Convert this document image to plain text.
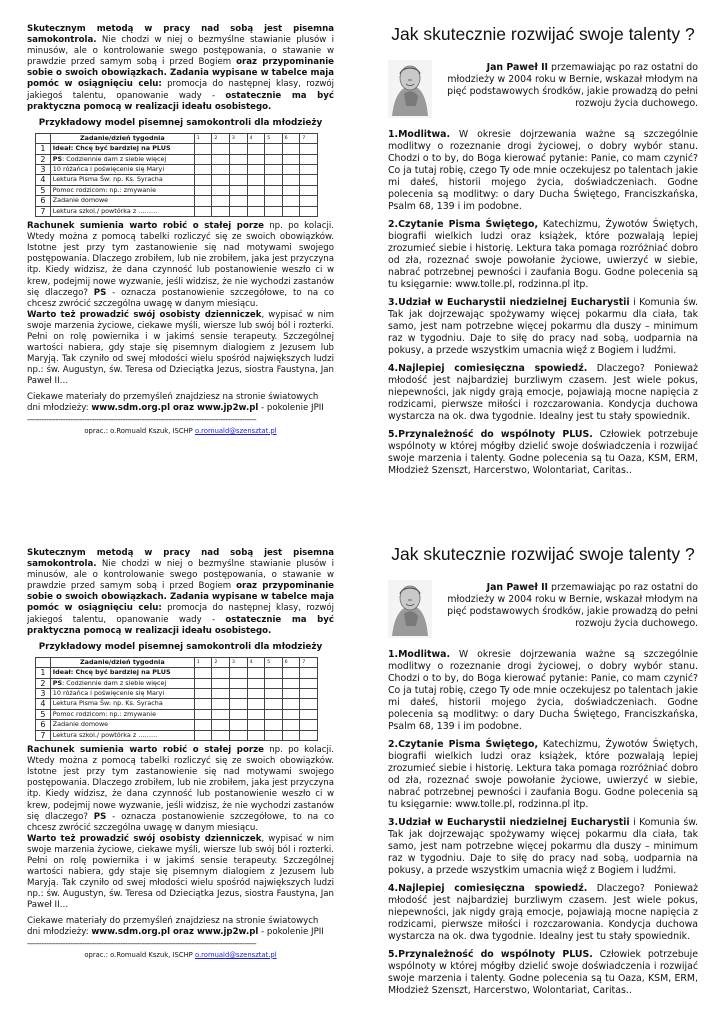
Skutecznym metodą w pracy nad sobą jest pisemna samokontrola. Nie chodzi w niej o bezmyślne stawianie plusów i minusów, ale o kontrolowanie swego postępowania, o stawanie w prawdzie przed samym sobą i przed Bogiem oraz przypominanie sobie o swoich obowiązkach. Zadania wypisane w tabelce maja pomóc w osiągnięciu celu: promocja do następnej klasy, rozwój jakiegoś talentu, opanowanie wady - ostatecznie ma być praktyczna pomocą w realizacji ideału osobistego.

Przykładowy model pisemnej samokontroli dla młodzieży
	Zadanie/dzień tygodnia	1	2	3	4	5	6	7
1	Ideał: Chcę być bardziej na PLUS							
2	PS: Codziennie dam z siebie więcej							
3	10 różańca i poświęcenie się Maryi							
4	Lektura Pisma Św: np. Ks. Syracha							
5	Pomoc rodzicom: np.: zmywanie							
6	Zadanie domowe							
7	Lektura szkol./ powtórka z ………							

Rachunek sumienia warto robić o stałej porze np. po kolacji. Wtedy można z pomocą tabelki rozliczyć się ze swoich obowiązków. Istotne jest przy tym zastanowienie się nad motywami swojego postępowania. Dlaczego zrobiłem, lub nie zrobiłem, jaka jest przyczyna itp. Kiedy widzisz, że dana czynność lub postanowienie weszło ci w krew, podejmij nowe wyzwanie, jeśli widzisz, że nie wychodzi zastanów się dlaczego? PS - oznacza postanowienie szczegółowe, to na co chcesz zwrócić szczególna uwagę w danym miesiącu.

Warto też prowadzić swój osobisty dzienniczek, wypisać w nim swoje marzenia życiowe, ciekawe myśli, wiersze lub swój ból i rozterki. Pełni on rolę powiernika i w jakimś sensie terapeuty. Szczególnej wartości nabiera, gdy staje się pisemnym dialogiem z Jezusem lub Maryją. Tak czyniło od swej młodości wielu spośród największych ludzi np.: św. Augustyn, św. Teresa od Dzieciątka Jezus, siostra Faustyna, Jan Paweł II…

Ciekawe materiały do przemyśleń znajdziesz na stronie światowych dni młodzieży: www.sdm.org.pl oraz www.jp2w.pl - pokolenie JPII

------------------------------------------------------------------------------------------------
oprac.: o.Romuald Kszuk, ISCHP o.romuald@szensztat.pl
Jak skutecznie rozwijać swoje talenty ?

Jan Paweł II przemawiając po raz ostatni do młodzieży w 2004 roku w Bernie, wskazał młodym na pięć podstawowych środków, jakie prowadzą do pełni rozwoju życia duchowego.

1.Modlitwa. W okresie dojrzewania ważne są szczególnie modlitwy o rozeznanie drogi życiowej, o dobry wybór stanu. Chodzi o to by, do Boga kierować pytanie: Panie, co mam czynić? Co ja tutaj robię, czego Ty ode mnie oczekujesz po talentach jakie mi dałeś, historii mojego życia, doświadczeniach. Godne polecenia są modlitwy: o dary Ducha Świętego, Franciszkańska, Psalm 68, 139 i im podobne.

2.Czytanie Pisma Świętego, Katechizmu, Żywotów Świętych, biografii wielkich ludzi oraz książek, które pozwalają lepiej zrozumieć siebie i historię. Lektura taka pomaga rozróżniać dobro od zła, rozeznać swoje powołanie życiowe, uwierzyć w siebie, nabrać potrzebnej pewności i zaufania Bogu. Godne polecenia są tu księgarnie: www.tolle.pl, rodzinna.pl itp.

3.Udział w Eucharystii niedzielnej Eucharystii i Komunia św. Tak jak dojrzewając spożywamy więcej pokarmu dla ciała, tak samo, jest nam potrzebne więcej pokarmu dla duszy – minimum raz w tygodniu. Daje to siłę do pracy nad sobą, uodparnia na pokusy, a przede wszystkim umacnia więź z Bogiem i ludźmi.

4.Najlepiej comiesięczna spowiedź. Dlaczego? Ponieważ młodość jest najbardziej burzliwym czasem. Jest wiele pokus, niepewności, jak nigdy grają emocje, pojawiają mocne napięcia z rodzicami, pierwsze miłości i rozczarowania. Kondycja duchowa wystarcza na ok. dwa tygodnie. Idealny jest tu stały spowiednik.

5.Przynależność do wspólnoty PLUS. Człowiek potrzebuje wspólnoty w której mógłby dzielić swoje doświadczenia i rozwijać swoje marzenia i talenty. Godne polecenia są tu Oaza, KSM, ERM, Młodzież Szenszt, Harcerstwo, Wolontariat, Caritas..

Skutecznym metodą w pracy nad sobą jest pisemna samokontrola. Nie chodzi w niej o bezmyślne stawianie plusów i minusów, ale o kontrolowanie swego postępowania, o stawanie w prawdzie przed samym sobą i przed Bogiem oraz przypominanie sobie o swoich obowiązkach. Zadania wypisane w tabelce maja pomóc w osiągnięciu celu: promocja do następnej klasy, rozwój jakiegoś talentu, opanowanie wady - ostatecznie ma być praktyczna pomocą w realizacji ideału osobistego.

Przykładowy model pisemnej samokontroli dla młodzieży
	Zadanie/dzień tygodnia	1	2	3	4	5	6	7
1	Ideał: Chcę być bardziej na PLUS							
2	PS: Codziennie dam z siebie więcej							
3	10 różańca i poświęcenie się Maryi							
4	Lektura Pisma Św: np. Ks. Syracha							
5	Pomoc rodzicom: np.: zmywanie							
6	Zadanie domowe							
7	Lektura szkol./ powtórka z ………							

Rachunek sumienia warto robić o stałej porze np. po kolacji. Wtedy można z pomocą tabelki rozliczyć się ze swoich obowiązków. Istotne jest przy tym zastanowienie się nad motywami swojego postępowania. Dlaczego zrobiłem, lub nie zrobiłem, jaka jest przyczyna itp. Kiedy widzisz, że dana czynność lub postanowienie weszło ci w krew, podejmij nowe wyzwanie, jeśli widzisz, że nie wychodzi zastanów się dlaczego? PS - oznacza postanowienie szczegółowe, to na co chcesz zwrócić szczególna uwagę w danym miesiącu.

Warto też prowadzić swój osobisty dzienniczek, wypisać w nim swoje marzenia życiowe, ciekawe myśli, wiersze lub swój ból i rozterki. Pełni on rolę powiernika i w jakimś sensie terapeuty. Szczególnej wartości nabiera, gdy staje się pisemnym dialogiem z Jezusem lub Maryją. Tak czyniło od swej młodości wielu spośród największych ludzi np.: św. Augustyn, św. Teresa od Dzieciątka Jezus, siostra Faustyna, Jan Paweł II…

Ciekawe materiały do przemyśleń znajdziesz na stronie światowych dni młodzieży: www.sdm.org.pl oraz www.jp2w.pl - pokolenie JPII

------------------------------------------------------------------------------------------------
oprac.: o.Romuald Kszuk, ISCHP o.romuald@szensztat.pl
Jak skutecznie rozwijać swoje talenty ?

Jan Paweł II przemawiając po raz ostatni do młodzieży w 2004 roku w Bernie, wskazał młodym na pięć podstawowych środków, jakie prowadzą do pełni rozwoju życia duchowego.

1.Modlitwa. W okresie dojrzewania ważne są szczególnie modlitwy o rozeznanie drogi życiowej, o dobry wybór stanu. Chodzi o to by, do Boga kierować pytanie: Panie, co mam czynić? Co ja tutaj robię, czego Ty ode mnie oczekujesz po talentach jakie mi dałeś, historii mojego życia, doświadczeniach. Godne polecenia są modlitwy: o dary Ducha Świętego, Franciszkańska, Psalm 68, 139 i im podobne.

2.Czytanie Pisma Świętego, Katechizmu, Żywotów Świętych, biografii wielkich ludzi oraz książek, które pozwalają lepiej zrozumieć siebie i historię. Lektura taka pomaga rozróżniać dobro od zła, rozeznać swoje powołanie życiowe, uwierzyć w siebie, nabrać potrzebnej pewności i zaufania Bogu. Godne polecenia są tu księgarnie: www.tolle.pl, rodzinna.pl itp.

3.Udział w Eucharystii niedzielnej Eucharystii i Komunia św. Tak jak dojrzewając spożywamy więcej pokarmu dla ciała, tak samo, jest nam potrzebne więcej pokarmu dla duszy – minimum raz w tygodniu. Daje to siłę do pracy nad sobą, uodparnia na pokusy, a przede wszystkim umacnia więź z Bogiem i ludźmi.

4.Najlepiej comiesięczna spowiedź. Dlaczego? Ponieważ młodość jest najbardziej burzliwym czasem. Jest wiele pokus, niepewności, jak nigdy grają emocje, pojawiają mocne napięcia z rodzicami, pierwsze miłości i rozczarowania. Kondycja duchowa wystarcza na ok. dwa tygodnie. Idealny jest tu stały spowiednik.

5.Przynależność do wspólnoty PLUS. Człowiek potrzebuje wspólnoty w której mógłby dzielić swoje doświadczenia i rozwijać swoje marzenia i talenty. Godne polecenia są tu Oaza, KSM, ERM, Młodzież Szenszt, Harcerstwo, Wolontariat, Caritas..
